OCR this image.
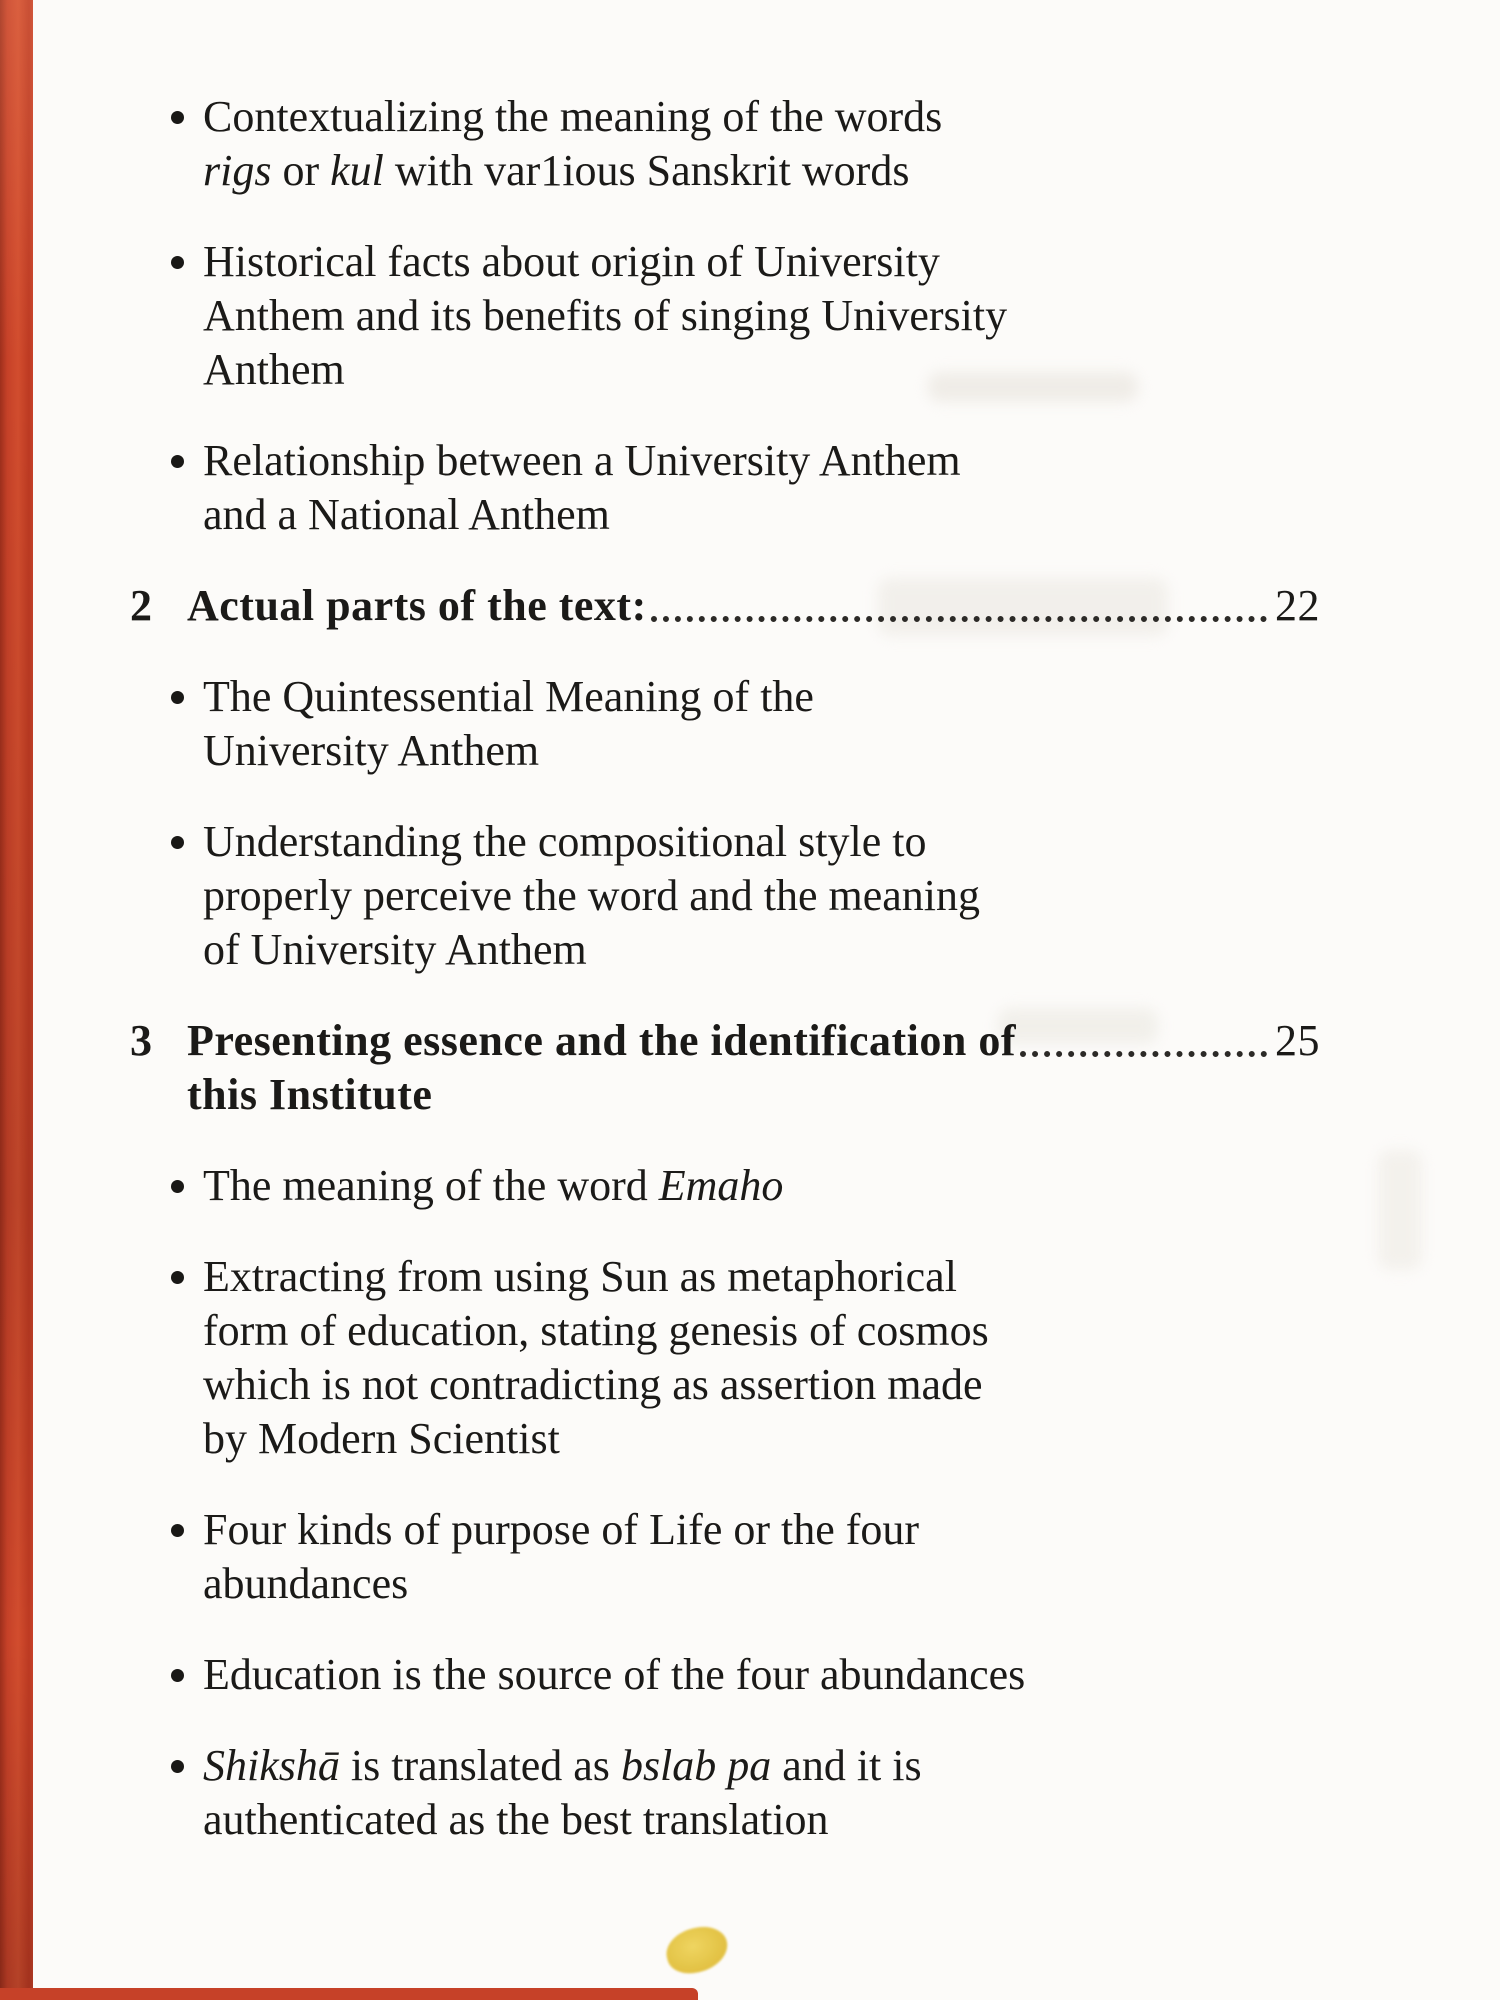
Contextualizing the meaning of the words
rigs or kul with var1ious Sanskrit words
Historical facts about origin of University
Anthem and its benefits of singing University
Anthem
Relationship between a University Anthem
and a National Anthem
2 Actual parts of the text:	22
The Quintessential Meaning of the
University Anthem
Understanding the compositional style to
properly perceive the word and the meaning
of University Anthem
3 Presenting essence and the identification of	25
this Institute
The meaning of the word Emaho
Extracting from using Sun as metaphorical
form of education, stating genesis of cosmos
which is not contradicting as assertion made
by Modern Scientist
Four kinds of purpose of Life or the four
abundances
Education is the source of the four abundances
Shikshā is translated as bslab pa and it is
authenticated as the best translation
